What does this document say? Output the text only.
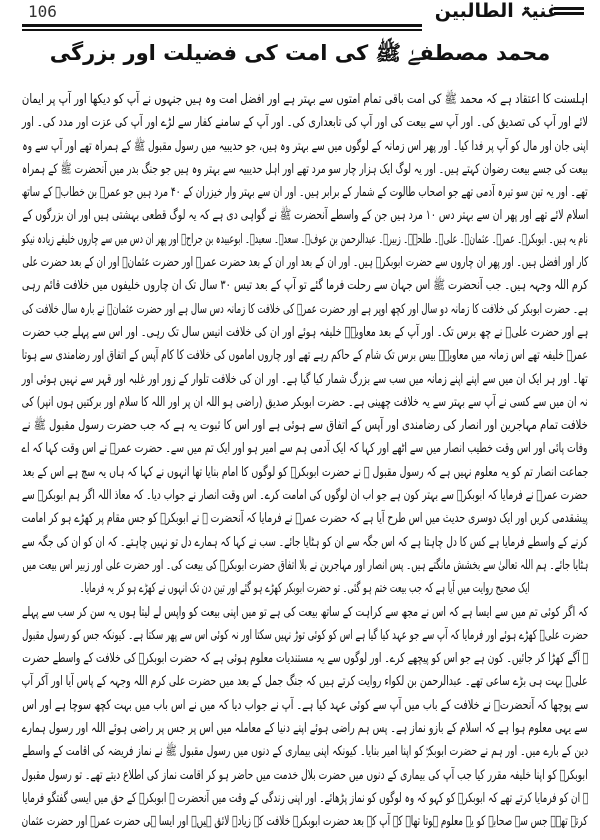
106	غنیۃ الطالبین
محمد مصطفےٰ ﷺ کی امت کی فضیلت اور بزرگی
اہلسنت کا اعتقاد ہے کہ محمد ﷺ کی امت باقی تمام امتوں سے بہتر ہے اور افضل امت وہ ہیں جنہوں نے آپ کو دیکھا اور آپ پر ایمان
لائے اور آپ کی تصدیق کی۔ اور آپ سے بیعت کی اور آپ کی تابعداری کی۔ اور آپ کے سامنے کفار سے لڑے اور آپ کی عزت اور مدد کی۔ اور
اپنی جان اور مال کو آپ پر فدا کیا۔ اور پھر اس زمانہ کے لوگوں میں سے بہتر وہ ہیں، جو حدیبیہ میں رسول مقبول ﷺ کے ہمراہ تھے اور آپ سے وہ
بیعت کی جسے بیعت رضوان کہتے ہیں۔ اور یہ لوگ ایک ہزار چار سو مرد تھے اور اہل حدیبیہ سے بہتر وہ ہیں جو جنگ بدر میں آنحضرت ﷺ کے ہمراہ
تھے۔ اور یہ تین سو تیرہ آدمی تھے جو اصحاب طالوت کے شمار کے برابر ہیں۔ اور ان سے بہتر وار خیزران کے ۴۰ مرد ہیں جو عمرؓ بن خطابؓ کے ساتھ
اسلام لائے تھے اور پھر ان سے بہتر دس ۱۰ مرد ہیں جن کے واسطے آنحضرت ﷺ نے گواہی دی ہے کہ یہ لوگ قطعی بہشتی ہیں اور ان بزرگوں کے
نام یہ ہیں۔ ابوبکرؓ۔ عمرؓ۔ عثمانؓ۔ علیؓ۔ طلحہؓ۔ زبیرؓ۔ عبدالرحمن بن عوفؓ۔ سعدؓ۔ سعیدؓ۔ ابوعبیدہ بن جراحؓ اور پھر ان دس میں سے چاروں خلیفے زیادہ نیکو
کار اور افضل ہیں۔ اور پھر ان چاروں سے حضرت ابوبکرؓ ہیں۔ اور ان کے بعد اور ان کے بعد حضرت عمرؓ اور حضرت عثمانؓ اور ان کے بعد حضرت علی
کرم اللہ وجہہ ہیں۔ جب آنحضرت ﷺ اس جہان سے رحلت فرما گئے تو آپ کے بعد تیس ۳۰ سال تک ان چاروں خلیفوں میں خلافت قائم رہی
ہے۔ حضرت ابوبکر کی خلافت کا زمانہ دو سال اور کچھ اوپر ہے اور حضرت عمرؓ کی خلافت کا زمانہ دس سال ہے اور حضرت عثمانؓ نے بارہ سال خلافت کی
ہے اور حضرت علیؓ نے چھ برس تک۔ اور آپ کے بعد معاویہؓ خلیفہ ہوئے اور ان کی خلافت انیس سال تک رہی۔ اور اس سے پہلے جب حضرت
عمرؓ خلیفہ تھے اس زمانہ میں معاویہؓ بیس برس تک شام کے حاکم رہے تھے اور چاروں اماموں کی خلافت کا کام آپس کے اتفاق اور رضامندی سے ہوتا
تھا۔ اور ہر ایک ان میں سے اپنے اپنے زمانہ میں سب سے بزرگ شمار کیا گیا ہے۔ اور ان کی خلافت تلوار کے زور اور غلبہ اور قہر سے نہیں ہوئی اور
نہ ان میں سے کسی نے آپ سے بہتر سے یہ خلافت چھینی ہے۔ حضرت ابوبکر صدیق (راضی ہو اللہ ان پر اور اللہ کا سلام اور برکتیں ہوں انپر) کی
خلافت تمام مہاجرین اور انصار کی رضامندی اور آپس کے اتفاق سے ہوئی ہے اور اس کا ثبوت یہ ہے کہ جب حضرت رسول مقبول ﷺ نے
وفات پائی اور اس وقت خطیب انصار میں سے اٹھے اور کہا کہ ایک آدمی ہم سے امیر ہو اور ایک تم میں سے۔ حضرت عمرؓ نے اس وقت کہا کہ اے
جماعت انصار تم کو یہ معلوم نہیں ہے کہ رسول مقبول ﷺ نے حضرت ابوبکرؓ کو لوگوں کا امام بنایا تھا انہوں نے کہا کہ ہاں یہ سچ ہے اس کے بعد
حضرت عمرؓ نے فرمایا کہ ابوبکرؓ سے بہتر کون ہے جو اب ان لوگوں کی امامت کرے۔ اس وقت انصار نے جواب دیا۔ کہ معاذ اللہ اگر ہم ابوبکرؓ سے
پیشقدمی کریں اور ایک دوسری حدیث میں اس طرح آیا ہے کہ حضرت عمرؓ نے فرمایا کہ آنحضرت ﷺ نے ابوبکرؓ کو جس مقام پر کھڑے ہو کر امامت
کرنے کے واسطے فرمایا ہے کس کا دل چاہتا ہے کہ اس جگہ سے ان کو ہٹایا جائے۔ سب نے کہا کہ ہمارے دل تو نہیں چاہتے۔ کہ ان کو ان کی جگہ سے
ہٹایا جائے۔ ہم اللہ تعالیٰ سے بخشش مانگتے ہیں۔ پس انصار اور مہاجرین نے بلا اتفاق حضرت ابوبکرؓ کی بیعت کی۔ اور حضرت علی اور زبیر اس بیعت میں
ایک صحیح روایت میں آیا ہے کہ جب بیعت ختم ہو گئی۔ تو حضرت ابوبکر کھڑے ہو گئے اور تین دن تک انہوں نے کھڑے ہو کر یہ فرمایا۔
کہ اگر کوئی تم میں سے ایسا ہے کہ اس نے مجھ سے کراہت کے ساتھ بیعت کی ہے تو میں اپنی بیعت کو واپس لے لیتا ہوں یہ سن کر سب سے پہلے
حضرت علیؓ کھڑے ہوئے اور فرمایا کہ آپ سے جو عہد کیا گیا ہے اس کو کوئی توڑ نہیں سکتا اور نہ کوئی اس سے پھر سکتا ہے۔ کیونکہ جس کو رسول مقبول
ﷺ آگے کھڑا کر جائیں۔ کون ہے جو اس کو پیچھے کرے۔ اور لوگوں سے یہ مستندیات معلوم ہوئی ہے کہ حضرت ابوبکرؓ کی خلافت کے واسطے حضرت
علیؓ بہت ہی بڑے ساعی تھے۔ عبدالرحمن بن لکواء روایت کرتے ہیں کہ جنگ جمل کے بعد میں حضرت علی کرم اللہ وجہہ کے پاس آیا اور آکر آپ
سے پوچھا کہ آنحضرتؐ نے خلافت کے باب میں آپ سے کوئی عہد کیا ہے۔ آپ نے جواب دیا کہ میں نے اس باب میں بہت کچھ سوچا ہے اور اس
سے یہی معلوم ہوا ہے کہ اسلام کے بازو نماز ہے۔ پس ہم راضی ہوئے اپنے دنیا کے معاملہ میں اس پر جس پر راضی ہوئے اللہ اور رسول ہمارے
دین کے بارے میں۔ اور ہم نے حضرت ابوبکرؓ کو اپنا امیر بنایا۔ کیونکہ اپنی بیماری کے دنوں میں رسول مقبول ﷺ نے نماز فریضہ کی اقامت کے واسطے
ابوبکرؓ کو اپنا خلیفہ مقرر کیا جب آپ کی بیماری کے دنوں میں حضرت بلال خدمت میں حاضر ہو کر اقامت نماز کی اطلاع دیتے تھے۔ تو رسول مقبول
ﷺ ان کو فرمایا کرتے تھے کہ ابوبکرؓ کو کہو کہ وہ لوگوں کو نماز پڑھائے۔ اور اپنی زندگی کے وقت میں آنحضرت ﷺ ابوبکرؓ کے حق میں ایسی گفتگو فرمایا
کرتے تھے۔ جس سے صحابہ کو یہ معلوم ہوتا تھا۔ کہ آپ کے بعد حضرت ابوبکرؓ خلافت کے زیادہ لائق ہیں۔ اور ایسا ہی حضرت عمرؓ اور حضرت عثمان
